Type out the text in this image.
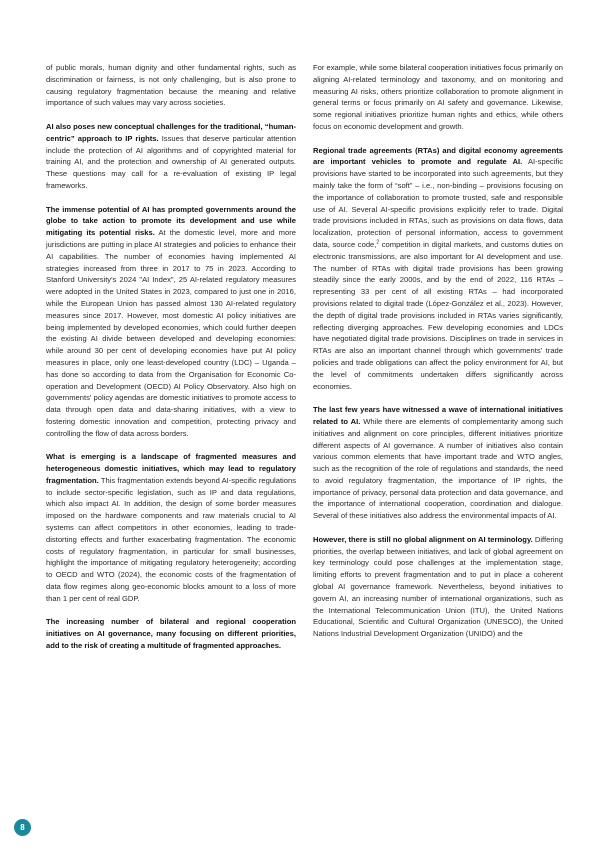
of public morals, human dignity and other fundamental rights, such as discrimination or fairness, is not only challenging, but is also prone to causing regulatory fragmentation because the meaning and relative importance of such values may vary across societies.

AI also poses new conceptual challenges for the traditional, “human-centric” approach to IP rights. Issues that deserve particular attention include the protection of AI algorithms and of copyrighted material for training AI, and the protection and ownership of AI generated outputs. These questions may call for a re-evaluation of existing IP legal frameworks.

The immense potential of AI has prompted governments around the globe to take action to promote its development and use while mitigating its potential risks. At the domestic level, more and more jurisdictions are putting in place AI strategies and policies to enhance their AI capabilities. The number of economies having implemented AI strategies increased from three in 2017 to 75 in 2023. According to Stanford University's 2024 "AI Index", 25 AI-related regulatory measures were adopted in the United States in 2023, compared to just one in 2016, while the European Union has passed almost 130 AI-related regulatory measures since 2017. However, most domestic AI policy initiatives are being implemented by developed economies, which could further deepen the existing AI divide between developed and developing economies: while around 30 per cent of developing economies have put AI policy measures in place, only one least-developed country (LDC) – Uganda – has done so according to data from the Organisation for Economic Co-operation and Development (OECD) AI Policy Observatory. Also high on governments' policy agendas are domestic initiatives to promote access to data through open data and data-sharing initiatives, with a view to fostering domestic innovation and competition, protecting privacy and controlling the flow of data across borders.

What is emerging is a landscape of fragmented measures and heterogeneous domestic initiatives, which may lead to regulatory fragmentation. This fragmentation extends beyond AI-specific regulations to include sector-specific legislation, such as IP and data regulations, which also impact AI. In addition, the design of some border measures imposed on the hardware components and raw materials crucial to AI systems can affect competitors in other economies, leading to trade-distorting effects and further exacerbating fragmentation. The economic costs of regulatory fragmentation, in particular for small businesses, highlight the importance of mitigating regulatory heterogeneity; according to OECD and WTO (2024), the economic costs of the fragmentation of data flow regimes along geo-economic blocks amount to a loss of more than 1 per cent of real GDP.

The increasing number of bilateral and regional cooperation initiatives on AI governance, many focusing on different priorities, add to the risk of creating a multitude of fragmented approaches.

For example, while some bilateral cooperation initiatives focus primarily on aligning AI-related terminology and taxonomy, and on monitoring and measuring AI risks, others prioritize collaboration to promote alignment in general terms or focus primarily on AI safety and governance. Likewise, some regional initiatives prioritize human rights and ethics, while others focus on economic development and growth.

Regional trade agreements (RTAs) and digital economy agreements are important vehicles to promote and regulate AI. AI-specific provisions have started to be incorporated into such agreements, but they mainly take the form of “soft” – i.e., non-binding – provisions focusing on the importance of collaboration to promote trusted, safe and responsible use of AI. Several AI-specific provisions explicitly refer to trade. Digital trade provisions included in RTAs, such as provisions on data flows, data localization, protection of personal information, access to government data, source code,$^2$ competition in digital markets, and customs duties on electronic transmissions, are also important for AI development and use. The number of RTAs with digital trade provisions has been growing steadily since the early 2000s, and by the end of 2022, 116 RTAs – representing 33 per cent of all existing RTAs – had incorporated provisions related to digital trade (López-González et al., 2023). However, the depth of digital trade provisions included in RTAs varies significantly, reflecting diverging approaches. Few developing economies and LDCs have negotiated digital trade provisions. Disciplines on trade in services in RTAs are also an important channel through which governments' trade policies and trade obligations can affect the policy environment for AI, but the level of commitments undertaken differs significantly across economies.

The last few years have witnessed a wave of international initiatives related to AI. While there are elements of complementarity among such initiatives and alignment on core principles, different initiatives prioritize different aspects of AI governance. A number of initiatives also contain various common elements that have important trade and WTO angles, such as the recognition of the role of regulations and standards, the need to avoid regulatory fragmentation, the importance of IP rights, the importance of privacy, personal data protection and data governance, and the importance of international cooperation, coordination and dialogue. Several of these initiatives also address the environmental impacts of AI.

However, there is still no global alignment on AI terminology. Differing priorities, the overlap between initiatives, and lack of global agreement on key terminology could pose challenges at the implementation stage, limiting efforts to prevent fragmentation and to put in place a coherent global AI governance framework. Nevertheless, beyond initiatives to govern AI, an increasing number of international organizations, such as the International Telecommunication Union (ITU), the United Nations Educational, Scientific and Cultural Organization (UNESCO), the United Nations Industrial Development Organization (UNIDO) and the

8
